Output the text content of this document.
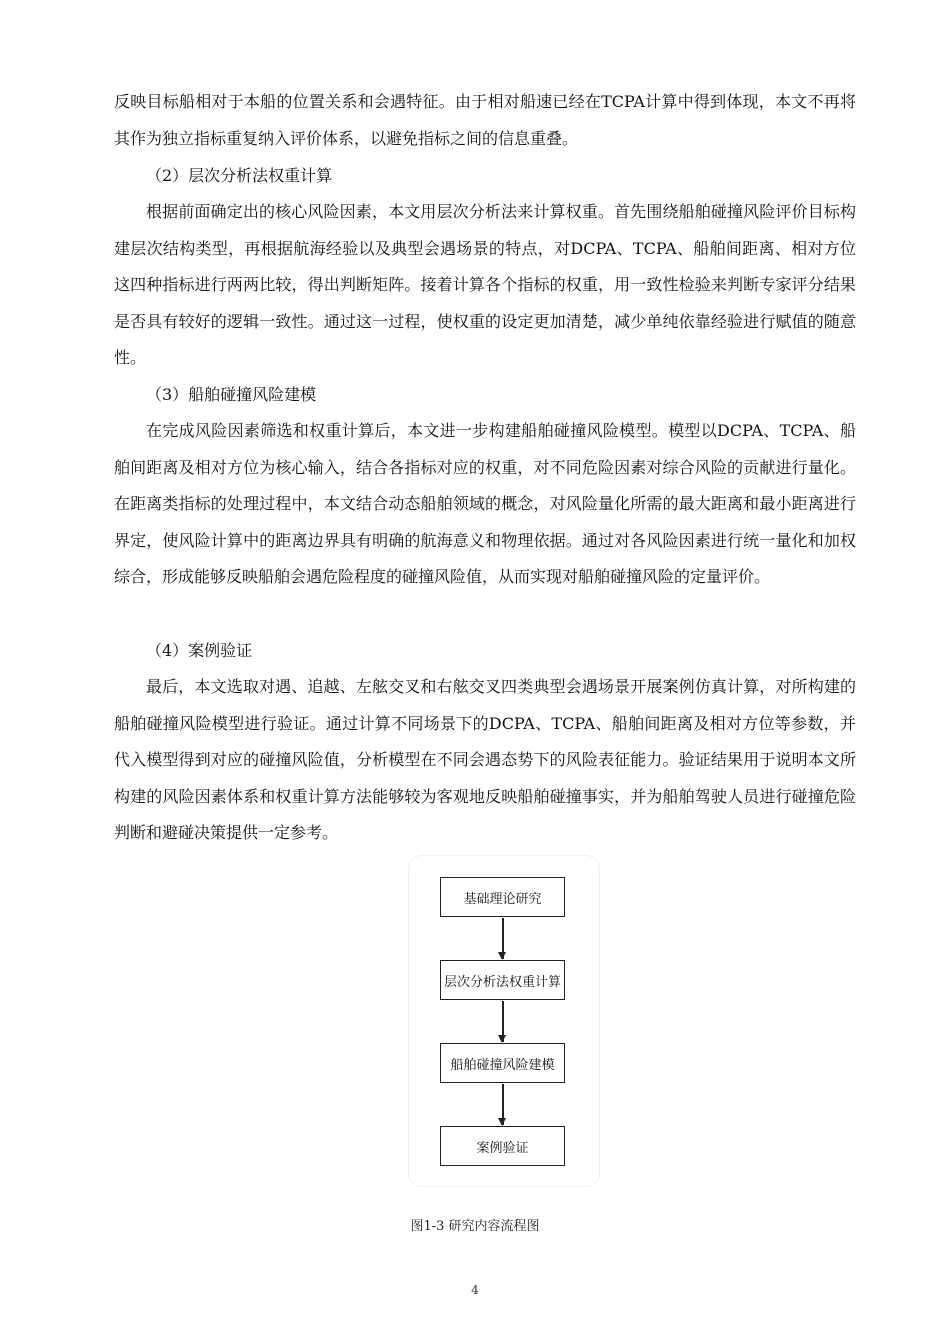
反映目标船相对于本船的位置关系和会遇特征。由于相对船速已经在TCPA计算中得到体现，本文不再将其作为独立指标重复纳入评价体系，以避免指标之间的信息重叠。

（2）层次分析法权重计算

根据前面确定出的核心风险因素，本文用层次分析法来计算权重。首先围绕船舶碰撞风险评价目标构建层次结构类型，再根据航海经验以及典型会遇场景的特点，对DCPA、TCPA、船舶间距离、相对方位这四种指标进行两两比较，得出判断矩阵。接着计算各个指标的权重，用一致性检验来判断专家评分结果是否具有较好的逻辑一致性。通过这一过程，使权重的设定更加清楚，减少单纯依靠经验进行赋值的随意性。

（3）船舶碰撞风险建模

在完成风险因素筛选和权重计算后，本文进一步构建船舶碰撞风险模型。模型以DCPA、TCPA、船舶间距离及相对方位为核心输入，结合各指标对应的权重，对不同危险因素对综合风险的贡献进行量化。在距离类指标的处理过程中，本文结合动态船舶领域的概念，对风险量化所需的最大距离和最小距离进行界定，使风险计算中的距离边界具有明确的航海意义和物理依据。通过对各风险因素进行统一量化和加权综合，形成能够反映船舶会遇危险程度的碰撞风险值，从而实现对船舶碰撞风险的定量评价。

（4）案例验证

最后，本文选取对遇、追越、左舷交叉和右舷交叉四类典型会遇场景开展案例仿真计算，对所构建的船舶碰撞风险模型进行验证。通过计算不同场景下的DCPA、TCPA、船舶间距离及相对方位等参数，并代入模型得到对应的碰撞风险值，分析模型在不同会遇态势下的风险表征能力。验证结果用于说明本文所构建的风险因素体系和权重计算方法能够较为客观地反映船舶碰撞事实，并为船舶驾驶人员进行碰撞危险判断和避碰决策提供一定参考。

基础理论研究
层次分析法权重计算
船舶碰撞风险建模
案例验证
图1-3 研究内容流程图
4
